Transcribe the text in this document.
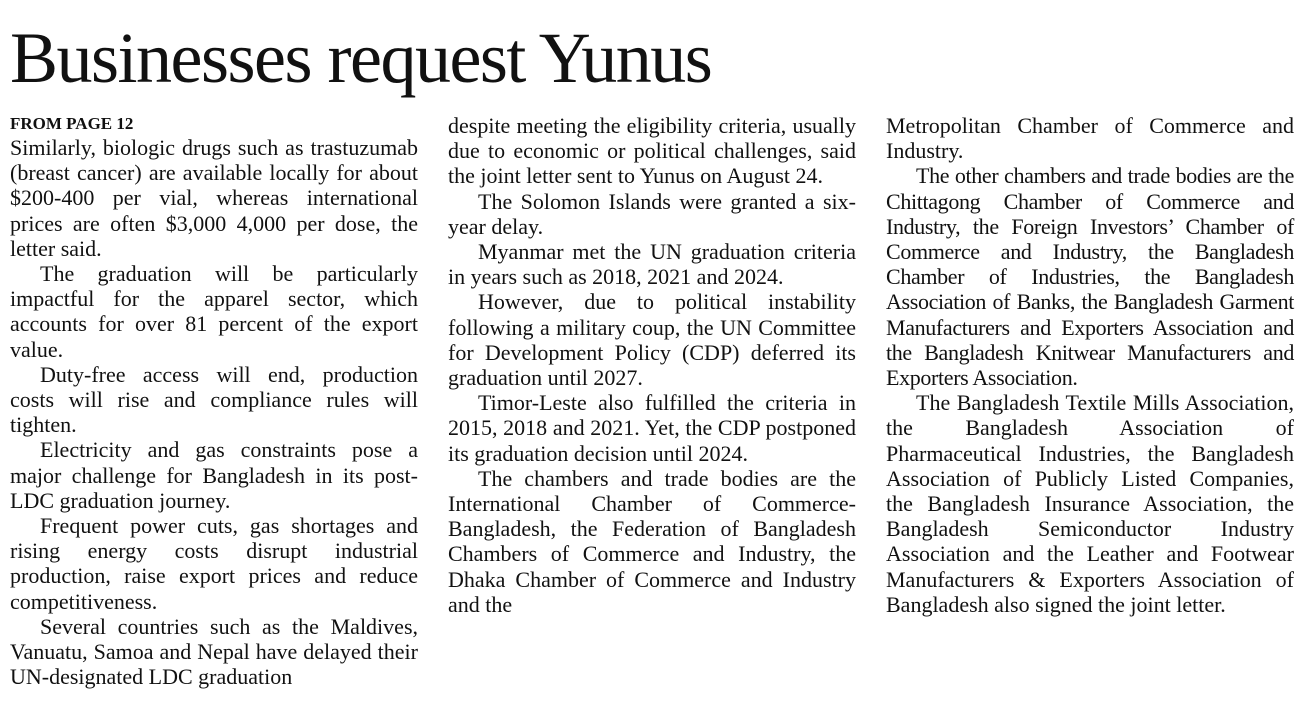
Businesses request Yunus
FROM PAGE 12

Similarly, biologic drugs such as trastuzumab (breast cancer) are available locally for about $200-400 per vial, whereas international prices are often $3,000 4,000 per dose, the letter said.

The graduation will be particularly impactful for the apparel sector, which accounts for over 81 percent of the export value.

Duty-free access will end, production costs will rise and compliance rules will tighten.

Electricity and gas constraints pose a major challenge for Bangladesh in its post-LDC graduation journey.

Frequent power cuts, gas shortages and rising energy costs disrupt industrial production, raise export prices and reduce competitiveness.

Several countries such as the Maldives, Vanuatu, Samoa and Nepal have delayed their UN-designated LDC graduation

despite meeting the eligibility criteria, usually due to economic or political challenges, said the joint letter sent to Yunus on August 24.

The Solomon Islands were granted a six-year delay.

Myanmar met the UN graduation criteria in years such as 2018, 2021 and 2024.

However, due to political instability following a military coup, the UN Committee for Development Policy (CDP) deferred its graduation until 2027.

Timor-Leste also fulfilled the criteria in 2015, 2018 and 2021. Yet, the CDP postponed its graduation decision until 2024.

The chambers and trade bodies are the International Chamber of Commerce-Bangladesh, the Federation of Bangladesh Chambers of Commerce and Industry, the Dhaka Chamber of Commerce and Industry and the

Metropolitan Chamber of Commerce and Industry.

The other chambers and trade bodies are the Chittagong Chamber of Commerce and Industry, the Foreign Investors’ Chamber of Commerce and Industry, the Bangladesh Chamber of Industries, the Bangladesh Association of Banks, the Bangladesh Garment Manufacturers and Exporters Association and the Bangladesh Knitwear Manufacturers and Exporters Association.

The Bangladesh Textile Mills Association, the Bangladesh Association of Pharmaceutical Industries, the Bangladesh Association of Publicly Listed Companies, the Bangladesh Insurance Association, the Bangladesh Semiconductor Industry Association and the Leather and Footwear Manufacturers & Exporters Association of Bangladesh also signed the joint letter.
